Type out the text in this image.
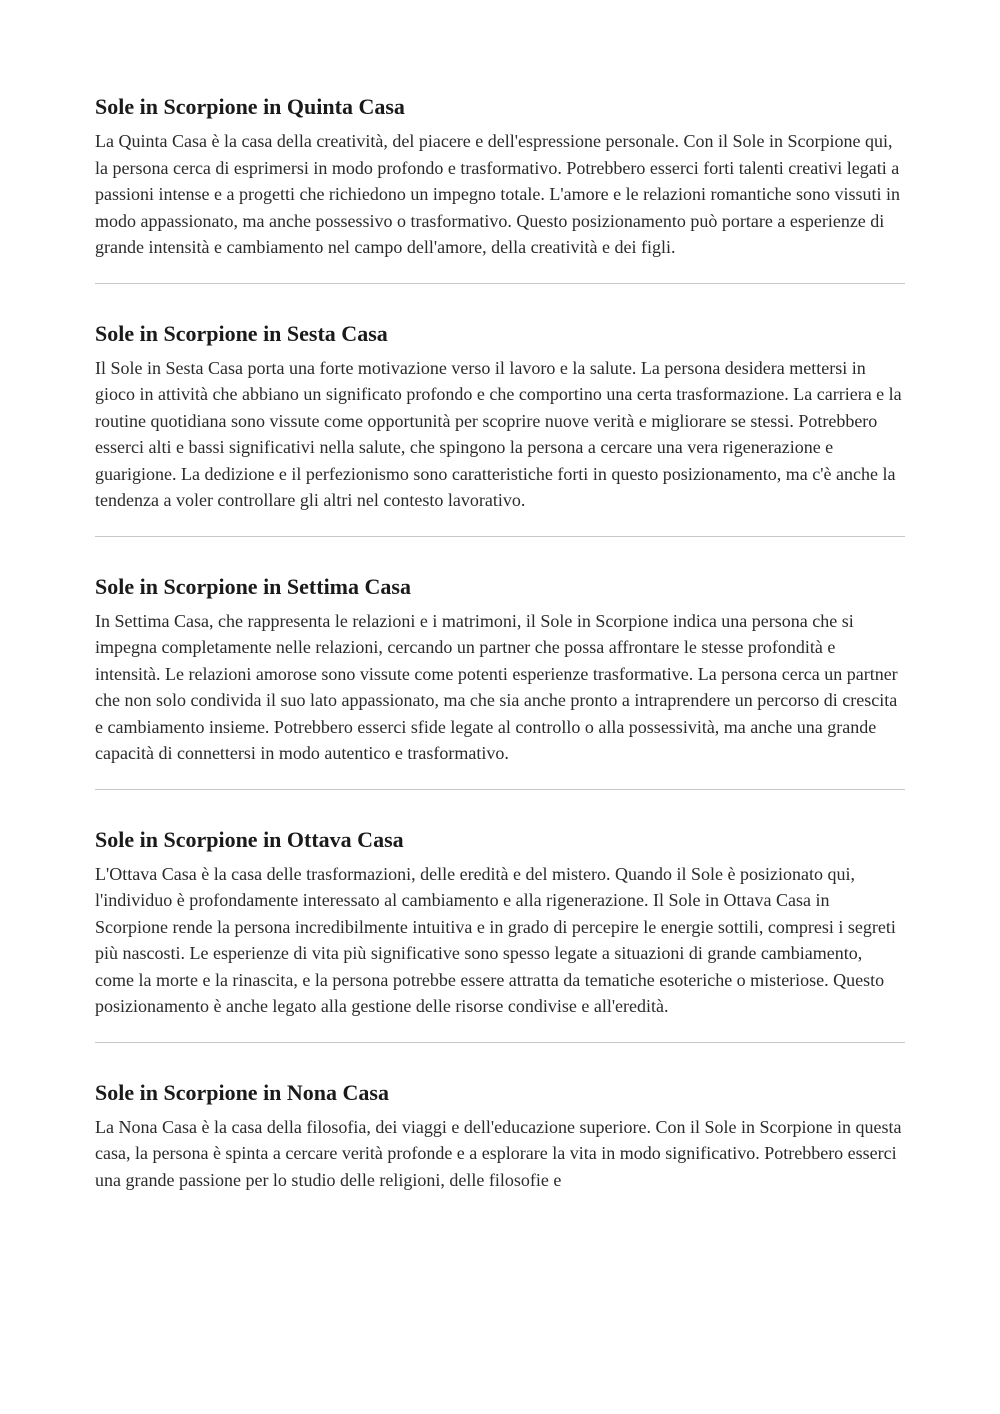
Sole in Scorpione in Quinta Casa

La Quinta Casa è la casa della creatività, del piacere e dell'espressione personale. Con il Sole in Scorpione qui, la persona cerca di esprimersi in modo profondo e trasformativo. Potrebbero esserci forti talenti creativi legati a passioni intense e a progetti che richiedono un impegno totale. L'amore e le relazioni romantiche sono vissuti in modo appassionato, ma anche possessivo o trasformativo. Questo posizionamento può portare a esperienze di grande intensità e cambiamento nel campo dell'amore, della creatività e dei figli.

Sole in Scorpione in Sesta Casa

Il Sole in Sesta Casa porta una forte motivazione verso il lavoro e la salute. La persona desidera mettersi in gioco in attività che abbiano un significato profondo e che comportino una certa trasformazione. La carriera e la routine quotidiana sono vissute come opportunità per scoprire nuove verità e migliorare se stessi. Potrebbero esserci alti e bassi significativi nella salute, che spingono la persona a cercare una vera rigenerazione e guarigione. La dedizione e il perfezionismo sono caratteristiche forti in questo posizionamento, ma c'è anche la tendenza a voler controllare gli altri nel contesto lavorativo.

Sole in Scorpione in Settima Casa

In Settima Casa, che rappresenta le relazioni e i matrimoni, il Sole in Scorpione indica una persona che si impegna completamente nelle relazioni, cercando un partner che possa affrontare le stesse profondità e intensità. Le relazioni amorose sono vissute come potenti esperienze trasformative. La persona cerca un partner che non solo condivida il suo lato appassionato, ma che sia anche pronto a intraprendere un percorso di crescita e cambiamento insieme. Potrebbero esserci sfide legate al controllo o alla possessività, ma anche una grande capacità di connettersi in modo autentico e trasformativo.

Sole in Scorpione in Ottava Casa

L'Ottava Casa è la casa delle trasformazioni, delle eredità e del mistero. Quando il Sole è posizionato qui, l'individuo è profondamente interessato al cambiamento e alla rigenerazione. Il Sole in Ottava Casa in Scorpione rende la persona incredibilmente intuitiva e in grado di percepire le energie sottili, compresi i segreti più nascosti. Le esperienze di vita più significative sono spesso legate a situazioni di grande cambiamento, come la morte e la rinascita, e la persona potrebbe essere attratta da tematiche esoteriche o misteriose. Questo posizionamento è anche legato alla gestione delle risorse condivise e all'eredità.

Sole in Scorpione in Nona Casa

La Nona Casa è la casa della filosofia, dei viaggi e dell'educazione superiore. Con il Sole in Scorpione in questa casa, la persona è spinta a cercare verità profonde e a esplorare la vita in modo significativo. Potrebbero esserci una grande passione per lo studio delle religioni, delle filosofie e
